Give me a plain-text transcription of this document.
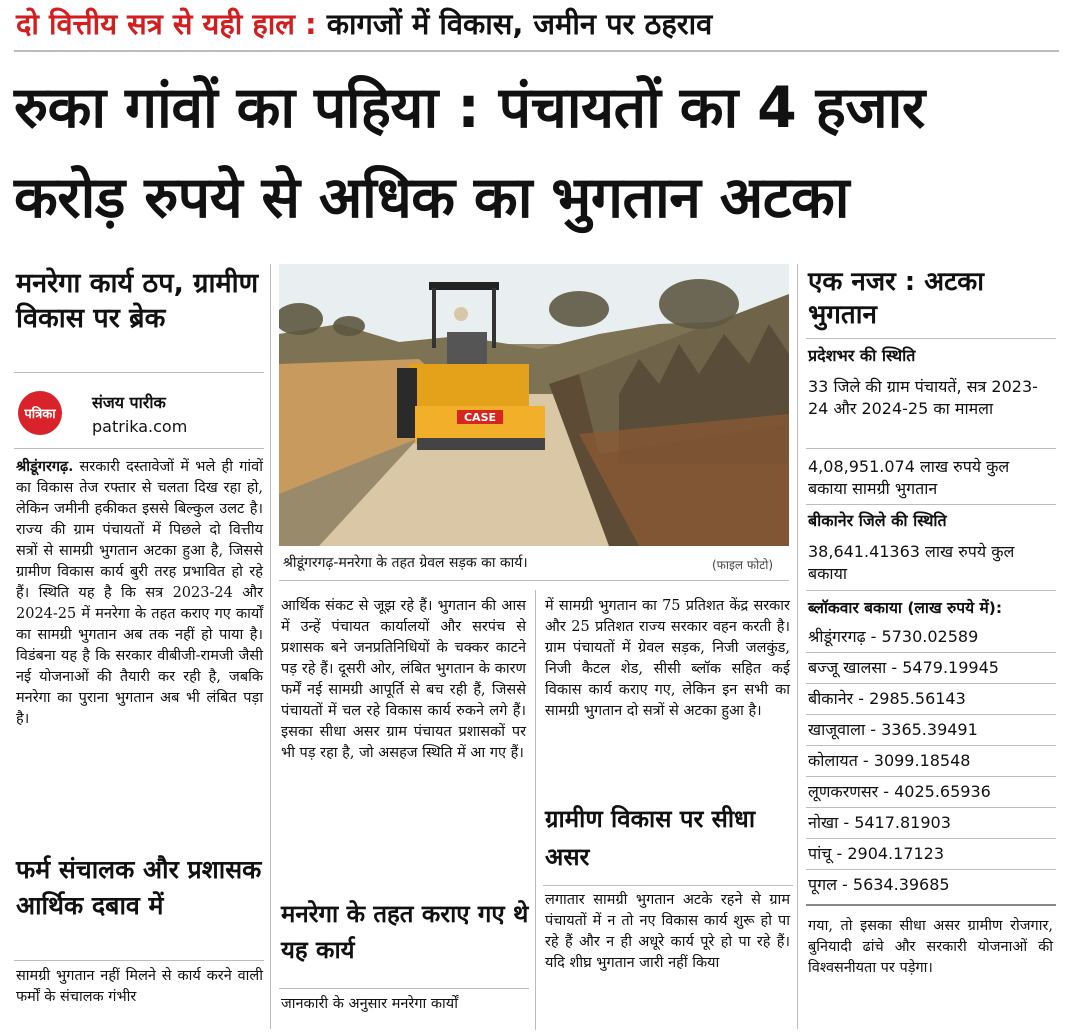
दो वित्तीय सत्र से यही हाल : कागजों में विकास, जमीन पर ठहराव
रुका गांवों का पहिया : पंचायतों का 4 हजार
करोड़ रुपये से अधिक का भुगतान अटका
मनरेगा कार्य ठप, ग्रामीण विकास पर ब्रेक
पत्रिका
संजय पारीक
patrika.com
श्रीडूंगरगढ़. सरकारी दस्तावेजों में भले ही गांवों का विकास तेज रफ्तार से चलता दिख रहा हो, लेकिन जमीनी हकीकत इससे बिल्कुल उलट है। राज्य की ग्राम पंचायतों में पिछले दो वित्तीय सत्रों से सामग्री भुगतान अटका हुआ है, जिससे ग्रामीण विकास कार्य बुरी तरह प्रभावित हो रहे हैं। स्थिति यह है कि सत्र 2023-24 और 2024-25 में मनरेगा के तहत कराए गए कार्यों का सामग्री भुगतान अब तक नहीं हो पाया है। विडंबना यह है कि सरकार वीबीजी-रामजी जैसी नई योजनाओं की तैयारी कर रही है, जबकि मनरेगा का पुराना भुगतान अब भी लंबित पड़ा है।
फर्म संचालक और प्रशासक आर्थिक दबाव में
सामग्री भुगतान नहीं मिलने से कार्य करने वाली फर्मों के संचालक गंभीर
CASE
श्रीडूंगरगढ़-मनरेगा के तहत ग्रेवल सड़क का कार्य।	(फाइल फोटो)
आर्थिक संकट से जूझ रहे हैं। भुगतान की आस में उन्हें पंचायत कार्यालयों और सरपंच से प्रशासक बने जनप्रतिनिधियों के चक्कर काटने पड़ रहे हैं। दूसरी ओर, लंबित भुगतान के कारण फर्में नई सामग्री आपूर्ति से बच रही हैं, जिससे पंचायतों में चल रहे विकास कार्य रुकने लगे हैं। इसका सीधा असर ग्राम पंचायत प्रशासकों पर भी पड़ रहा है, जो असहज स्थिति में आ गए हैं।
मनरेगा के तहत कराए गए थे यह कार्य
जानकारी के अनुसार मनरेगा कार्यों
में सामग्री भुगतान का 75 प्रतिशत केंद्र सरकार और 25 प्रतिशत राज्य सरकार वहन करती है। ग्राम पंचायतों में ग्रेवल सड़क, निजी जलकुंड, निजी कैटल शेड, सीसी ब्लॉक सहित कई विकास कार्य कराए गए, लेकिन इन सभी का सामग्री भुगतान दो सत्रों से अटका हुआ है।
ग्रामीण विकास पर सीधा असर
लगातार सामग्री भुगतान अटके रहने से ग्राम पंचायतों में न तो नए विकास कार्य शुरू हो पा रहे हैं और न ही अधूरे कार्य पूरे हो पा रहे हैं। यदि शीघ्र भुगतान जारी नहीं किया
एक नजर : अटका भुगतान
प्रदेशभर की स्थिति
33 जिले की ग्राम पंचायतें, सत्र 2023-24 और 2024-25 का मामला
4,08,951.074 लाख रुपये कुल बकाया सामग्री भुगतान
बीकानेर जिले की स्थिति
38,641.41363 लाख रुपये कुल बकाया
ब्लॉकवार बकाया (लाख रुपये में):
श्रीडूंगरगढ़ - 5730.02589
बज्जू खालसा - 5479.19945
बीकानेर - 2985.56143
खाजूवाला - 3365.39491
कोलायत - 3099.18548
लूणकरणसर - 4025.65936
नोखा - 5417.81903
पांचू - 2904.17123
पूगल - 5634.39685
गया, तो इसका सीधा असर ग्रामीण रोजगार, बुनियादी ढांचे और सरकारी योजनाओं की विश्वसनीयता पर पड़ेगा।
